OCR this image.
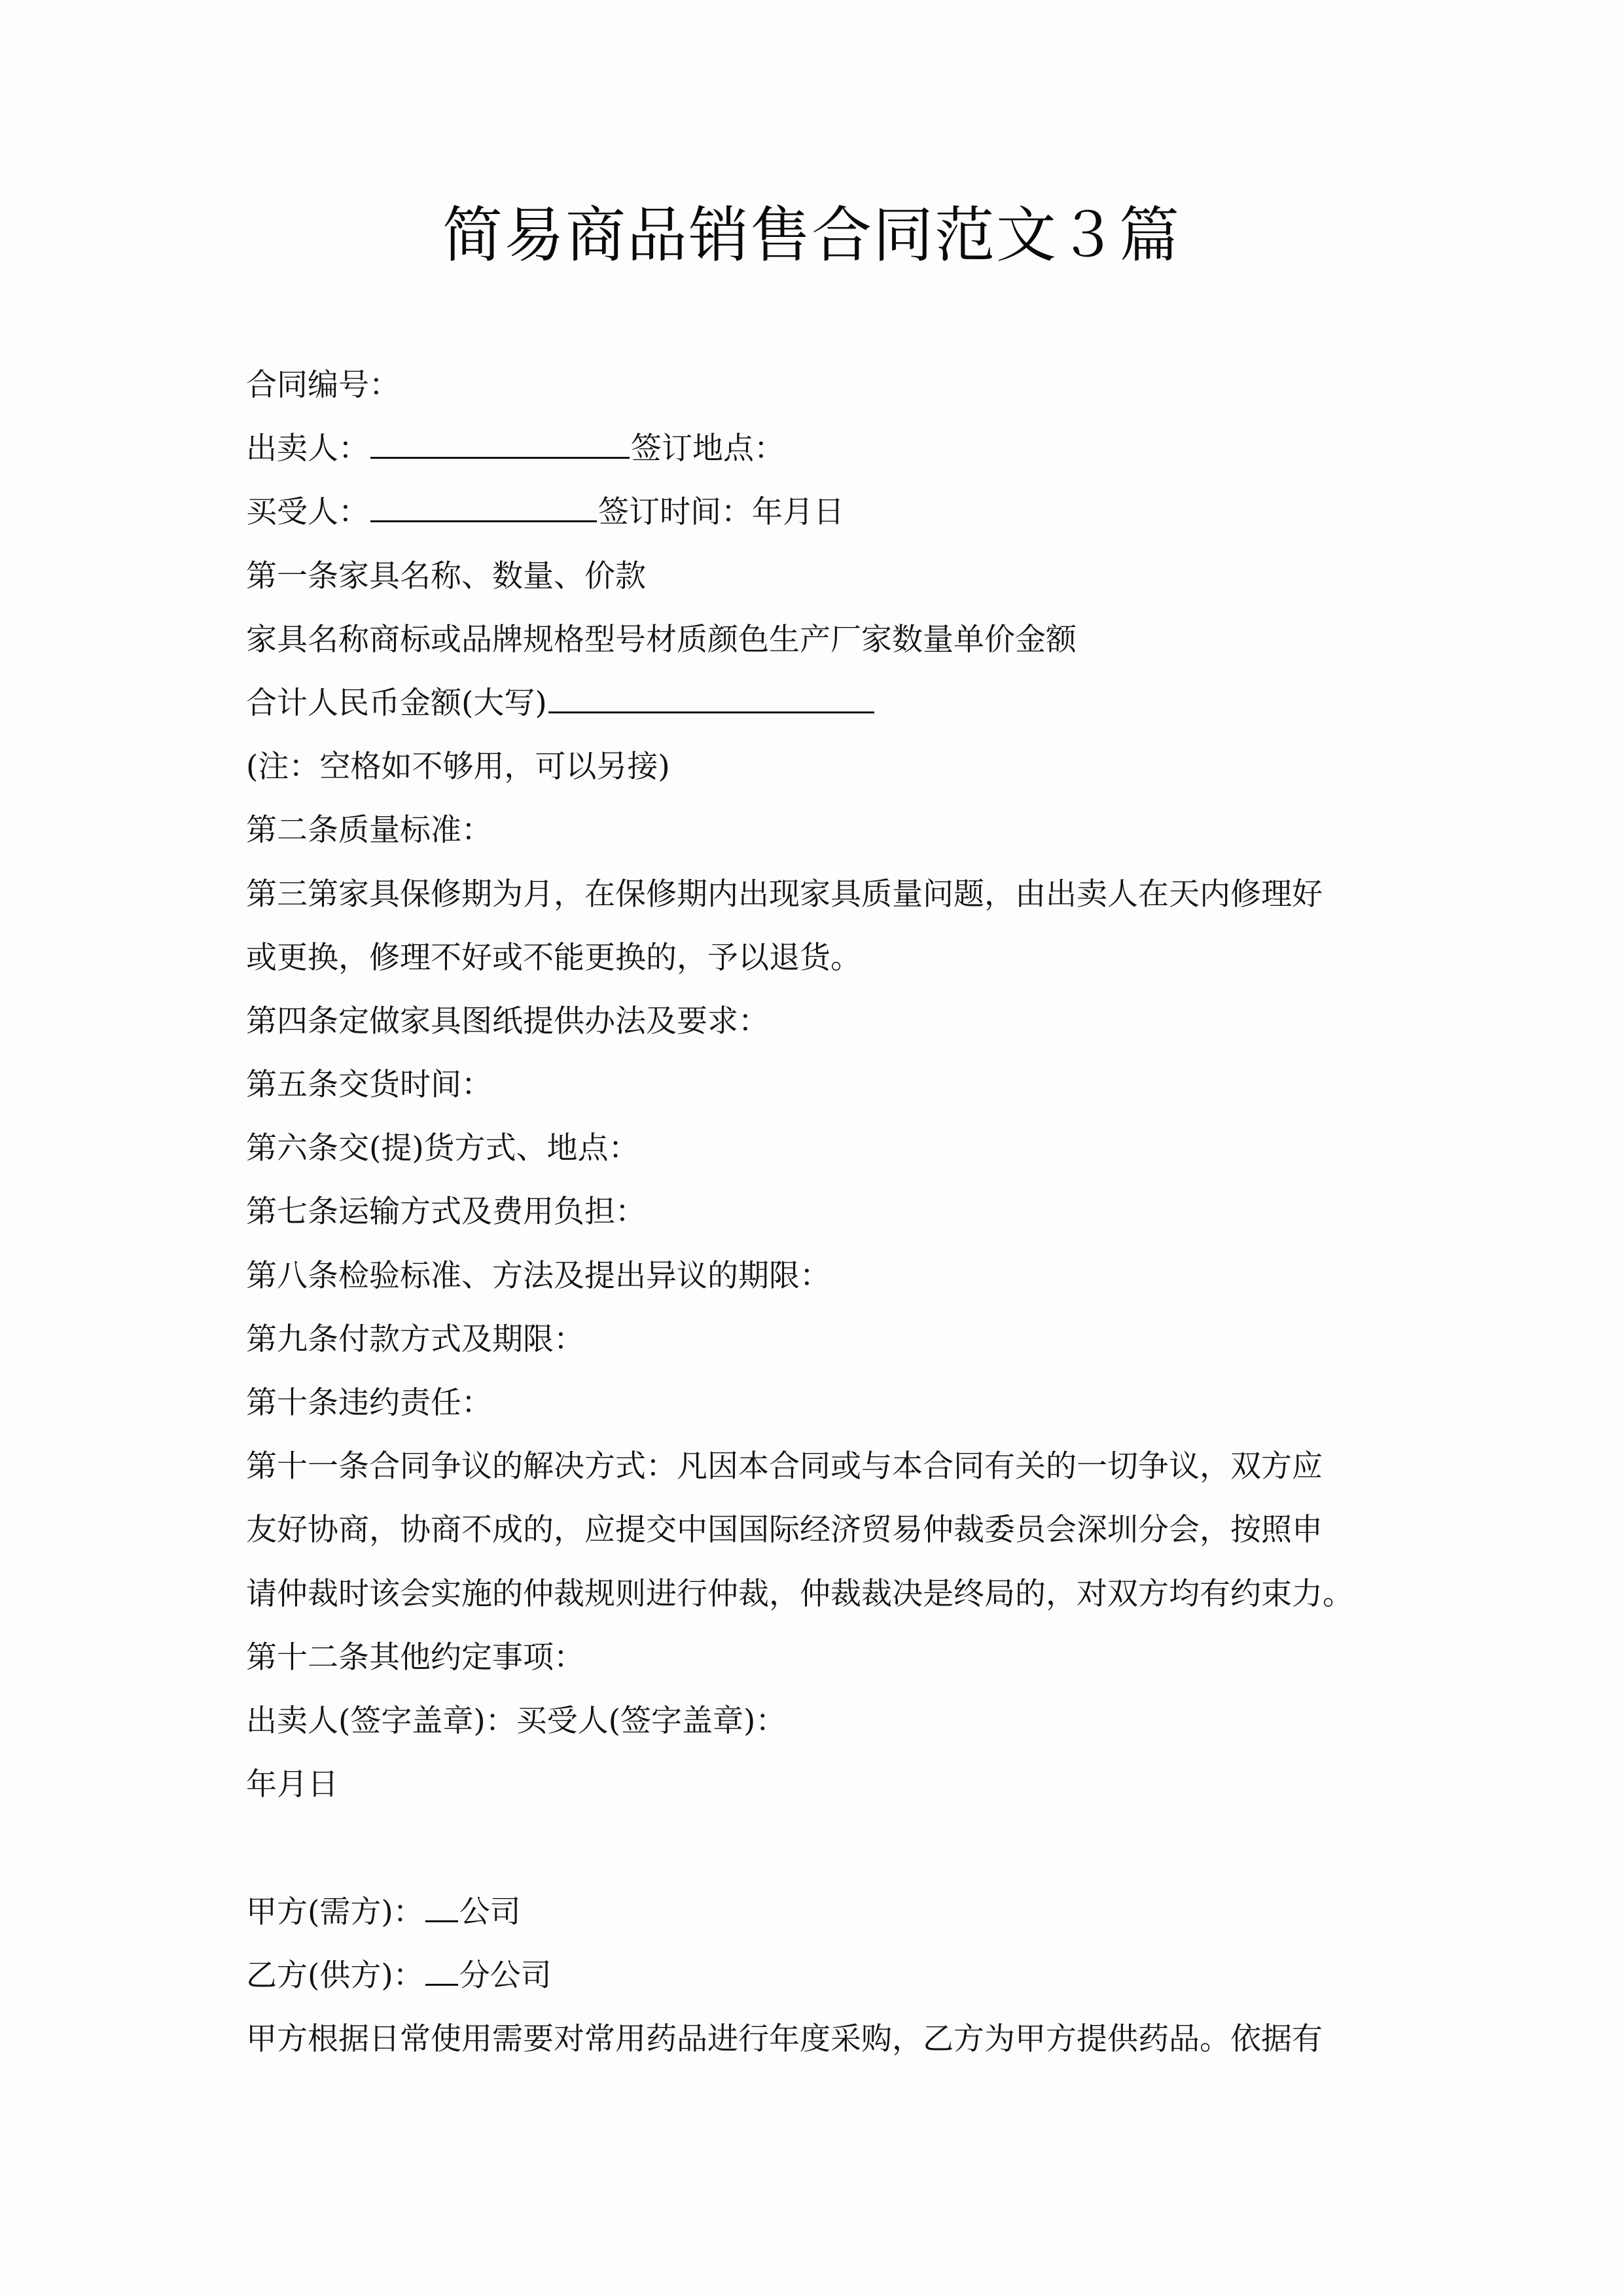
简易商品销售合同范文３篇
合同编号：
出卖人：	签订地点：
买受人：	签订时间：年月日
第一条家具名称、数量、价款
家具名称商标或品牌规格型号材质颜色生产厂家数量单价金额
合计人民币金额(大写)
(注：空格如不够用，可以另接)
第二条质量标准：
第三第家具保修期为月，在保修期内出现家具质量问题，由出卖人在天内修理好
或更换，修理不好或不能更换的，予以退货。
第四条定做家具图纸提供办法及要求：
第五条交货时间：
第六条交(提)货方式、地点：
第七条运输方式及费用负担：
第八条检验标准、方法及提出异议的期限：
第九条付款方式及期限：
第十条违约责任：
第十一条合同争议的解决方式：凡因本合同或与本合同有关的一切争议，双方应
友好协商，协商不成的，应提交中国国际经济贸易仲裁委员会深圳分会，按照申
请仲裁时该会实施的仲裁规则进行仲裁，仲裁裁决是终局的，对双方均有约束力。
第十二条其他约定事项：
出卖人(签字盖章)：买受人(签字盖章)：
年月日
甲方(需方)： 公司
乙方(供方)： 分公司
甲方根据日常使用需要对常用药品进行年度采购，乙方为甲方提供药品。依据有
